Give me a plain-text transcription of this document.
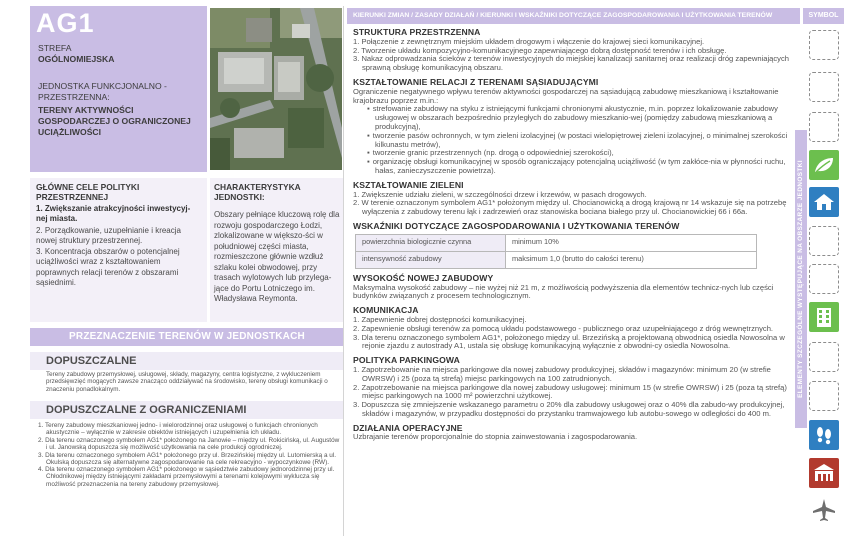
AG1
STREFA
OGÓLNOMIEJSKA
JEDNOSTKA FUNKCJONALNO - PRZESTRZENNA:
TERENY AKTYWNOŚCI GOSPODARCZEJ O OGRANICZONEJ UCIĄŻLIWOŚCI
GŁÓWNE CELE POLITYKI PRZESTRZENNEJ
1. Zwiększanie atrakcyjności inwestycyj-nej miasta.
2. Porządkowanie, uzupełnianie i kreacja nowej struktury przestrzennej.
3. Koncentracja obszarów o potencjalnej uciążliwości wraz z kształtowaniem poprawnych relacji terenów z obszarami sąsiednimi.
CHARAKTERYSTYKA JEDNOSTKI:

Obszary pełniące kluczową rolę dla rozwoju gospodarczego Łodzi, zlokalizowane w większo-ści w południowej części miasta, rozmieszczone głównie wzdłuż szlaku kolei obwodowej, przy trasach wylotowych lub przylega-jące do Portu Lotniczego im. Władysława Reymonta.

PRZEZNACZENIE TERENÓW W JEDNOSTKACH
DOPUSZCZALNE
Tereny zabudowy przemysłowej, usługowej, składy, magazyny, centra logistyczne, z wykluczeniem przedsięwzięć mogących zawsze znacząco oddziaływać na środowisko, tereny obsługi komunikacji o znaczeniu ponadlokalnym.
DOPUSZCZALNE Z OGRANICZENIAMI
1. Tereny zabudowy mieszkaniowej jedno- i wielorodzinnej oraz usługowej o funkcjach chronionych akustycznie – wyłącznie w zakresie obiektów istniejących i uzupełnienia ich układu.
2. Dla terenu oznaczonego symbolem AG1* położonego na Janowie – między ul. Rokicińską, ul. Augustów i ul. Janowską dopuszcza się możliwość użytkowania na cele produkcji ogrodniczej.
3. Dla terenu oznaczonego symbolem AG1* położonego przy ul. Brzezińskiej między ul. Lutomierską a ul. Okulską dopuszcza się alternatywne zagospodarowanie na cele rekreacyjno - wypoczynkowe (RW).
4. Dla terenu oznaczonego symbolem AG1* położonego w sąsiedztwie zabudowy jednorodzinnej przy ul. Chłodnikowej między istniejącymi zakładami przemysłowymi a terenami kolejowymi wyklucza się możliwość przeznaczenia na tereny zabudowy przemysłowej.
KIERUNKI ZMIAN / ZASADY DZIAŁAŃ / KIERUNKI I WSKAŹNIKI DOTYCZĄCE ZAGOSPODAROWANIA I UŻYTKOWANIA TERENÓW
STRUKTURA PRZESTRZENNA

1. Połączenie z zewnętrznym miejskim układem drogowym i włączenie do krajowej sieci komunikacyjnej.

2. Tworzenie układu kompozycyjno-komunikacyjnego zapewniającego dobrą dostępność terenów i ich obsługę.

3. Nakaz odprowadzania ścieków z terenów inwestycyjnych do miejskiej kanalizacji sanitarnej oraz realizacji dróg zapewniających sprawną obsługę komunikacyjną obszaru.

KSZTAŁTOWANIE RELACJI Z TERENAMI SĄSIADUJĄCYMI

Ograniczenie negatywnego wpływu terenów aktywności gospodarczej na sąsiadującą zabudowę mieszkaniową i kształtowanie krajobrazu poprzez m.in.:

▪ strefowanie zabudowy na styku z istniejącymi funkcjami chronionymi akustycznie, m.in. poprzez lokalizowanie zabudowy usługowej w obszarach bezpośrednio przyległych do zabudowy mieszkanio-wej (pomiędzy zabudową mieszkaniową a produkcyjną),
▪ tworzenie pasów ochronnych, w tym zieleni izolacyjnej (w postaci wielopiętrowej zieleni izolacyjnej, o minimalnej szerokości kilkunastu metrów),
▪ tworzenie granic przestrzennych (np. drogą o odpowiedniej szerokości),
▪ organizację obsługi komunikacyjnej w sposób ograniczający potencjalną uciążliwość (w tym zakłóce-nia w płynności ruchu, hałas, zanieczyszczenie powietrza).
KSZTAŁTOWANIE ZIELENI

1. Zwiększenie udziału zieleni, w szczególności drzew i krzewów, w pasach drogowych.

2. W terenie oznaczonym symbolem AG1* położonym między ul. Chocianowicką a drogą krajową nr 14 wskazuje się na potrzebę wyłączenia z zabudowy terenu łąk i zadrzewień oraz stanowiska bociana białego przy ul. Chocianowickiej 66 i 66a.

WSKAŹNIKI DOTYCZĄCE ZAGOSPODAROWANIA I UŻYTKOWANIA TERENÓW
powierzchnia biologicznie czynna	minimum 10%
intensywność zabudowy	maksimum 1,0 (brutto do całości terenu)
WYSOKOŚĆ NOWEJ ZABUDOWY

Maksymalna wysokość zabudowy – nie wyżej niż 21 m, z możliwością podwyższenia dla elementów technicz-nych lub części budynków związanych z procesem technologicznym.

KOMUNIKACJA

1. Zapewnienie dobrej dostępności komunikacyjnej.

2. Zapewnienie obsługi terenów za pomocą układu podstawowego - publicznego oraz uzupełniającego z dróg wewnętrznych.

3. Dla terenu oznaczonego symbolem AG1*, położonego między ul. Brzezińską a projektowaną obwodnicą osiedla Nowosolna w rejonie zjazdu z autostrady A1, ustala się obsługę komunikacyjną wyłącznie z obwodni-cy osiedla Nowosolna.

POLITYKA PARKINGOWA

1. Zapotrzebowanie na miejsca parkingowe dla nowej zabudowy produkcyjnej, składów i magazynów: minimum 20 (w strefie OWRSW) i 25 (poza tą strefą) miejsc parkingowych na 100 zatrudnionych.

2. Zapotrzebowanie na miejsca parkingowe dla nowej zabudowy usługowej: minimum 15 (w strefie OWRSW) i 25 (poza tą strefą) miejsc parkingowych na 1000 m² powierzchni użytkowej.

3. Dopuszcza się zmniejszenie wskazanego parametru o 20% dla zabudowy usługowej oraz o 40% dla zabudo-wy produkcyjnej, składów i magazynów, w przypadku dostępności do przystanku tramwajowego lub autobu-sowego w odległości do 400 m.

DZIAŁANIA OPERACYJNE

Uzbrajanie terenów proporcjonalnie do stopnia zainwestowania i zagospodarowania.

SYMBOL
ELEMENTY SZCZEGÓLNE WYSTĘPUJĄCE NA OBSZARZE JEDNOSTKI
